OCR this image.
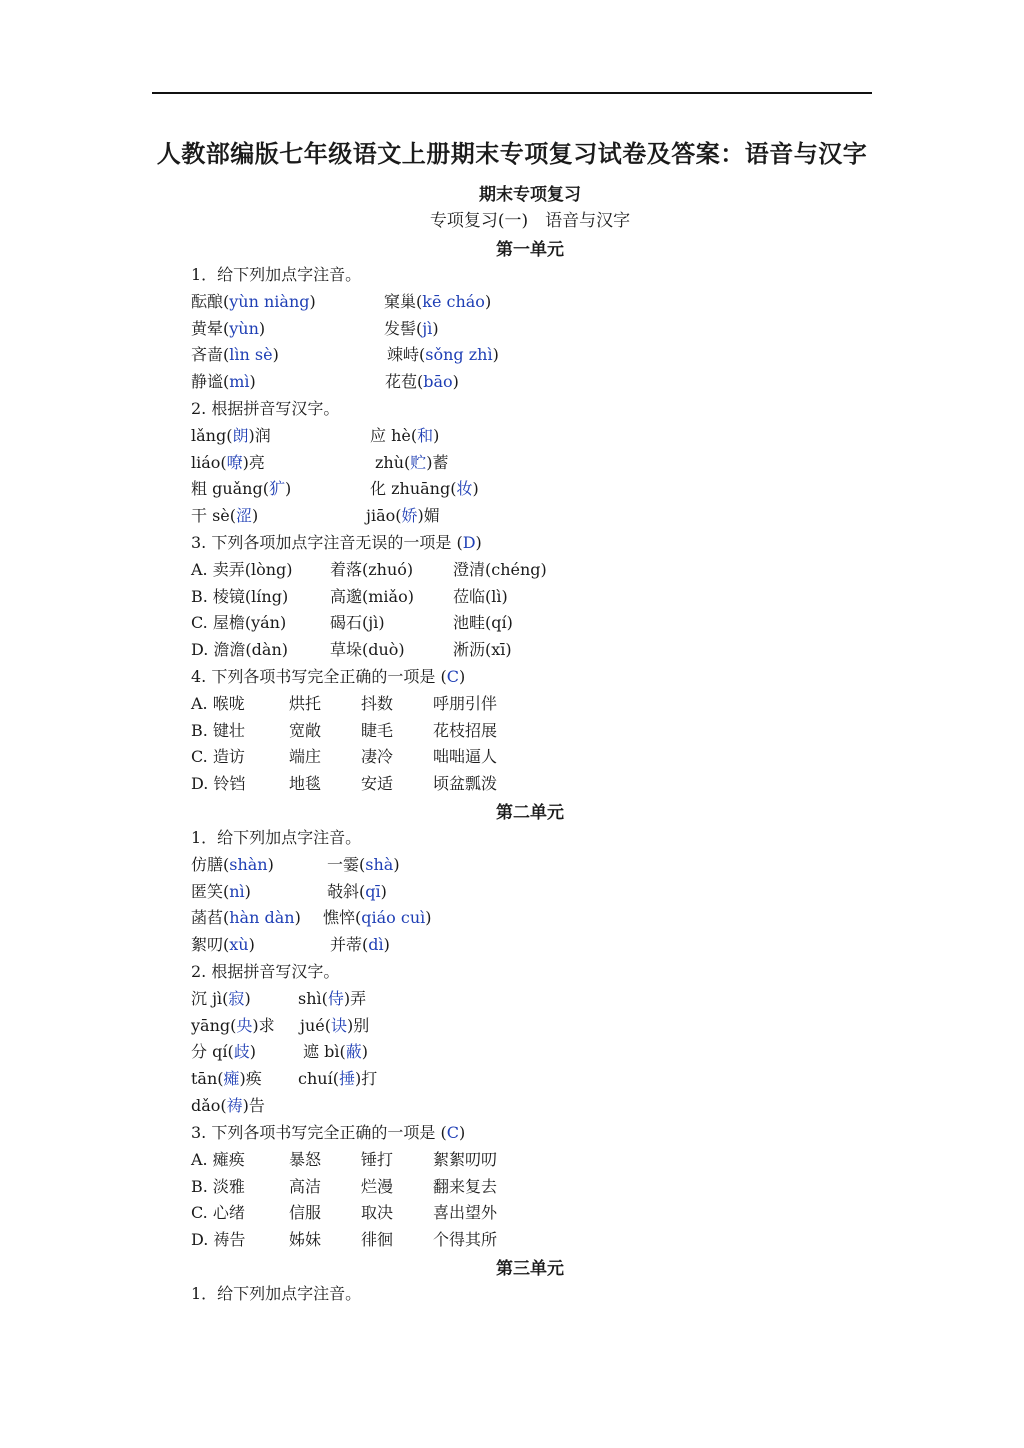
人教部编版七年级语文上册期末专项复习试卷及答案：语音与汉字
期末专项复习
专项复习(一)　语音与汉字
第一单元
1．给下列加点字注音。
酝酿(yùn niàng)	窠巢(kē cháo)
黄晕(yùn)	发髻(jì)
吝啬(lìn sè)	竦峙(sǒng zhì)
静谧(mì)	花苞(bāo)
2. 根据拼音写汉字。
lǎng(朗)润	应 hè(和)
liáo(嘹)亮	zhù(贮)蓄
粗 guǎng(犷)	化 zhuāng(妆)
干 sè(涩)	jiāo(娇)媚
3. 下列各项加点字注音无误的一项是 (D)
A. 卖弄(lòng) 着落(zhuó) 澄清(chéng)
B. 棱镜(líng)	高邈(miǎo) 莅临(lì)
C. 屋檐(yán)	碣石(jì)	池畦(qí)
D. 澹澹(dàn)	草垛(duò)	淅沥(xī)
4. 下列各项书写完全正确的一项是 (C)
A. 喉咙	烘托 抖数 呼朋引伴
B. 键壮	宽敞 睫毛 花枝招展
C. 造访	端庄 凄冷 咄咄逼人
D. 铃铛	地毯 安适 顷盆瓢泼
第二单元
1．给下列加点字注音。
仿膳(shàn)	一霎(shà)
匿笑(nì)	攲斜(qī)
菡萏(hàn dàn) 憔悴(qiáo cuì)
絮叨(xù)	并蒂(dì)
2. 根据拼音写汉字。
沉 jì(寂)	shì(侍)弄
yāng(央)求 jué(诀)别
分 qí(歧)	遮 bì(蔽)
tān(瘫)痪 chuí(捶)打
dǎo(祷)告
3. 下列各项书写完全正确的一项是 (C)
A. 瘫痪	暴怒 锤打 絮絮叨叨
B. 淡雅	高洁 烂漫 翻来复去
C. 心绪	信服 取决 喜出望外
D. 祷告	姊妹 徘徊 个得其所
第三单元
1．给下列加点字注音。
